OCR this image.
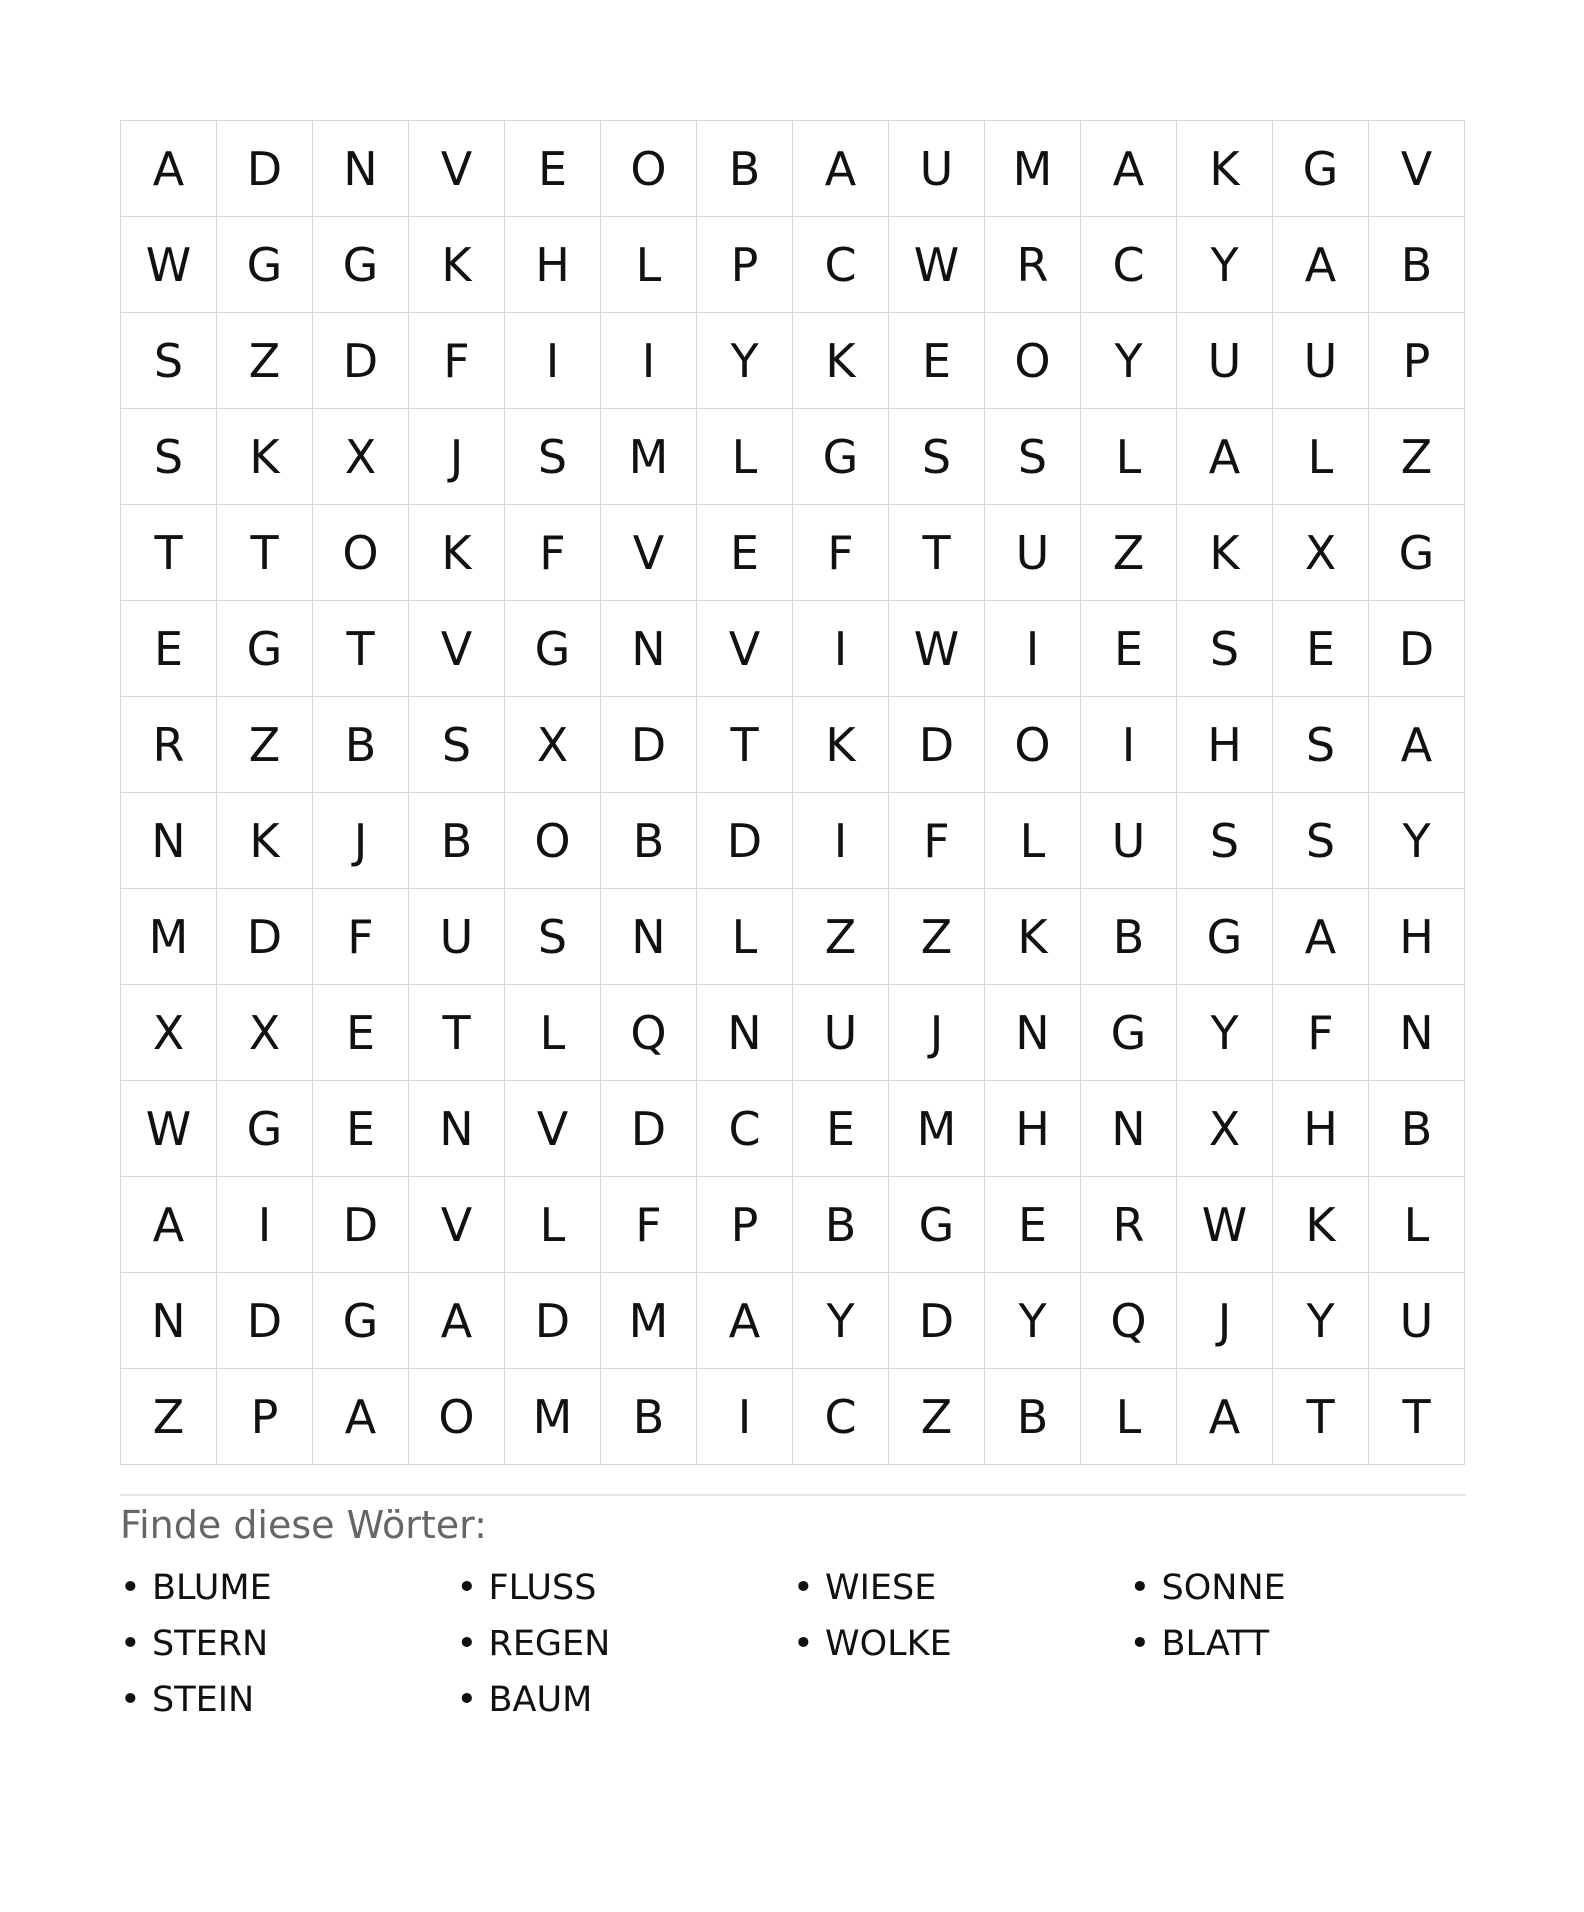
A	D	N	V	E	O	B	A	U	M	A	K	G	V
W	G	G	K	H	L	P	C	W	R	C	Y	A	B
S	Z	D	F	I	I	Y	K	E	O	Y	U	U	P
S	K	X	J	S	M	L	G	S	S	L	A	L	Z
T	T	O	K	F	V	E	F	T	U	Z	K	X	G
E	G	T	V	G	N	V	I	W	I	E	S	E	D
R	Z	B	S	X	D	T	K	D	O	I	H	S	A
N	K	J	B	O	B	D	I	F	L	U	S	S	Y
M	D	F	U	S	N	L	Z	Z	K	B	G	A	H
X	X	E	T	L	Q	N	U	J	N	G	Y	F	N
W	G	E	N	V	D	C	E	M	H	N	X	H	B
A	I	D	V	L	F	P	B	G	E	R	W	K	L
N	D	G	A	D	M	A	Y	D	Y	Q	J	Y	U
Z	P	A	O	M	B	I	C	Z	B	L	A	T	T
Finde diese Wörter:
• BLUME	• FLUSS	• WIESE	• SONNE
• STERN	• REGEN	• WOLKE	• BLATT
• STEIN	• BAUM
